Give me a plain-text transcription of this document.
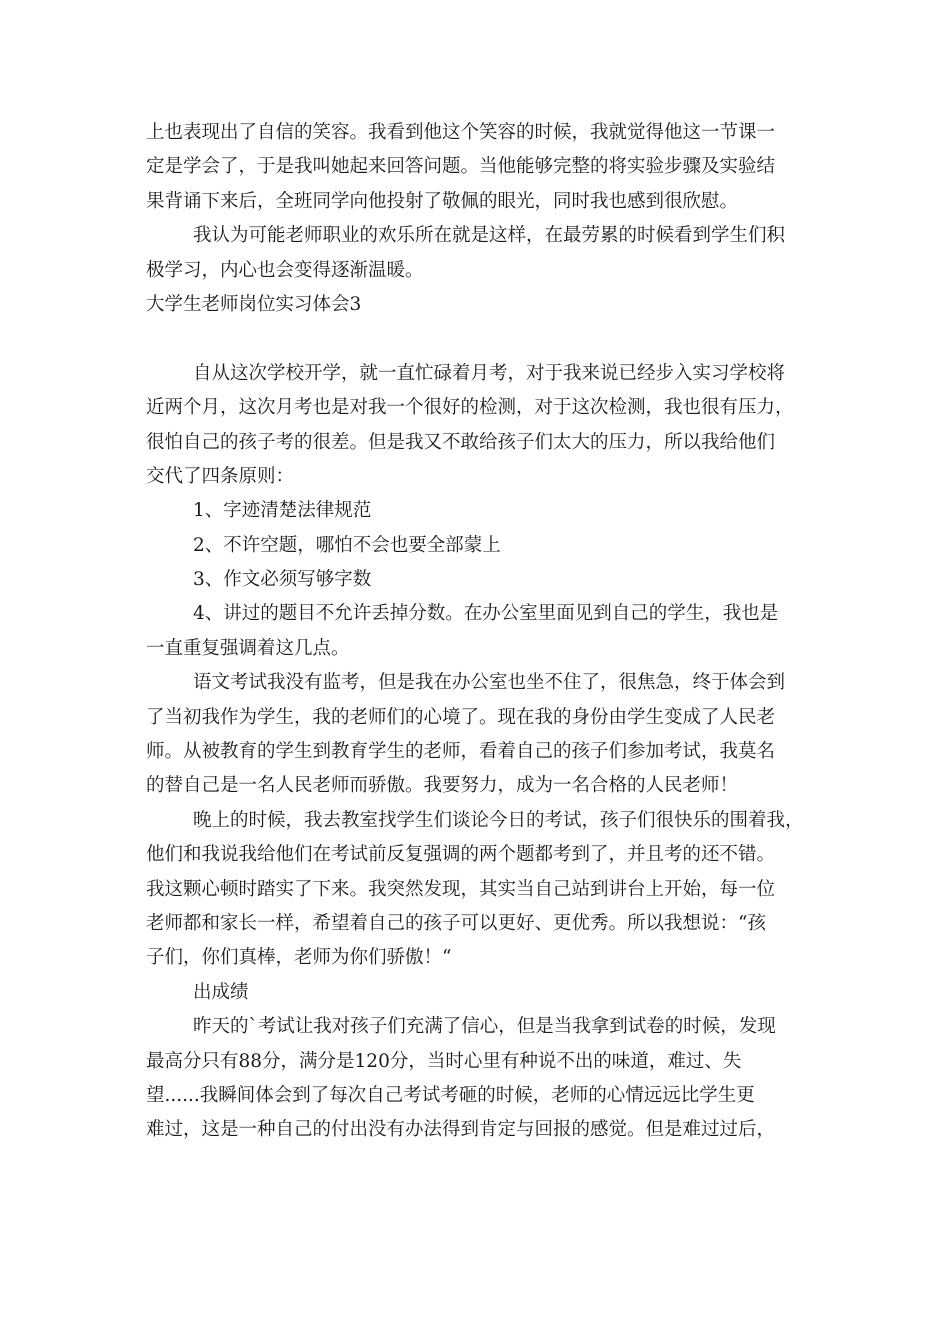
上也表现出了自信的笑容。我看到他这个笑容的时候，我就觉得他这一节课一
定是学会了，于是我叫她起来回答问题。当他能够完整的将实验步骤及实验结
果背诵下来后，全班同学向他投射了敬佩的眼光，同时我也感到很欣慰。
我认为可能老师职业的欢乐所在就是这样，在最劳累的时候看到学生们积
极学习，内心也会变得逐渐温暖。
大学生老师岗位实习体会3
自从这次学校开学，就一直忙碌着月考，对于我来说已经步入实习学校将
近两个月，这次月考也是对我一个很好的检测，对于这次检测，我也很有压力，
很怕自己的孩子考的很差。但是我又不敢给孩子们太大的压力，所以我给他们
交代了四条原则：
1、字迹清楚法律规范
2、不许空题，哪怕不会也要全部蒙上
3、作文必须写够字数
4、讲过的题目不允许丢掉分数。在办公室里面见到自己的学生，我也是
一直重复强调着这几点。
语文考试我没有监考，但是我在办公室也坐不住了，很焦急，终于体会到
了当初我作为学生，我的老师们的心境了。现在我的身份由学生变成了人民老
师。从被教育的学生到教育学生的老师，看着自己的孩子们参加考试，我莫名
的替自己是一名人民老师而骄傲。我要努力，成为一名合格的人民老师！
晚上的时候，我去教室找学生们谈论今日的考试，孩子们很快乐的围着我，
他们和我说我给他们在考试前反复强调的两个题都考到了，并且考的还不错。
我这颗心顿时踏实了下来。我突然发现，其实当自己站到讲台上开始，每一位
老师都和家长一样，希望着自己的孩子可以更好、更优秀。所以我想说：“孩
子们，你们真棒，老师为你们骄傲！“
出成绩
昨天的`考试让我对孩子们充满了信心，但是当我拿到试卷的时候，发现
最高分只有88分，满分是120分，当时心里有种说不出的味道，难过、失
望......我瞬间体会到了每次自己考试考砸的时候，老师的心情远远比学生更
难过，这是一种自己的付出没有办法得到肯定与回报的感觉。但是难过过后，
